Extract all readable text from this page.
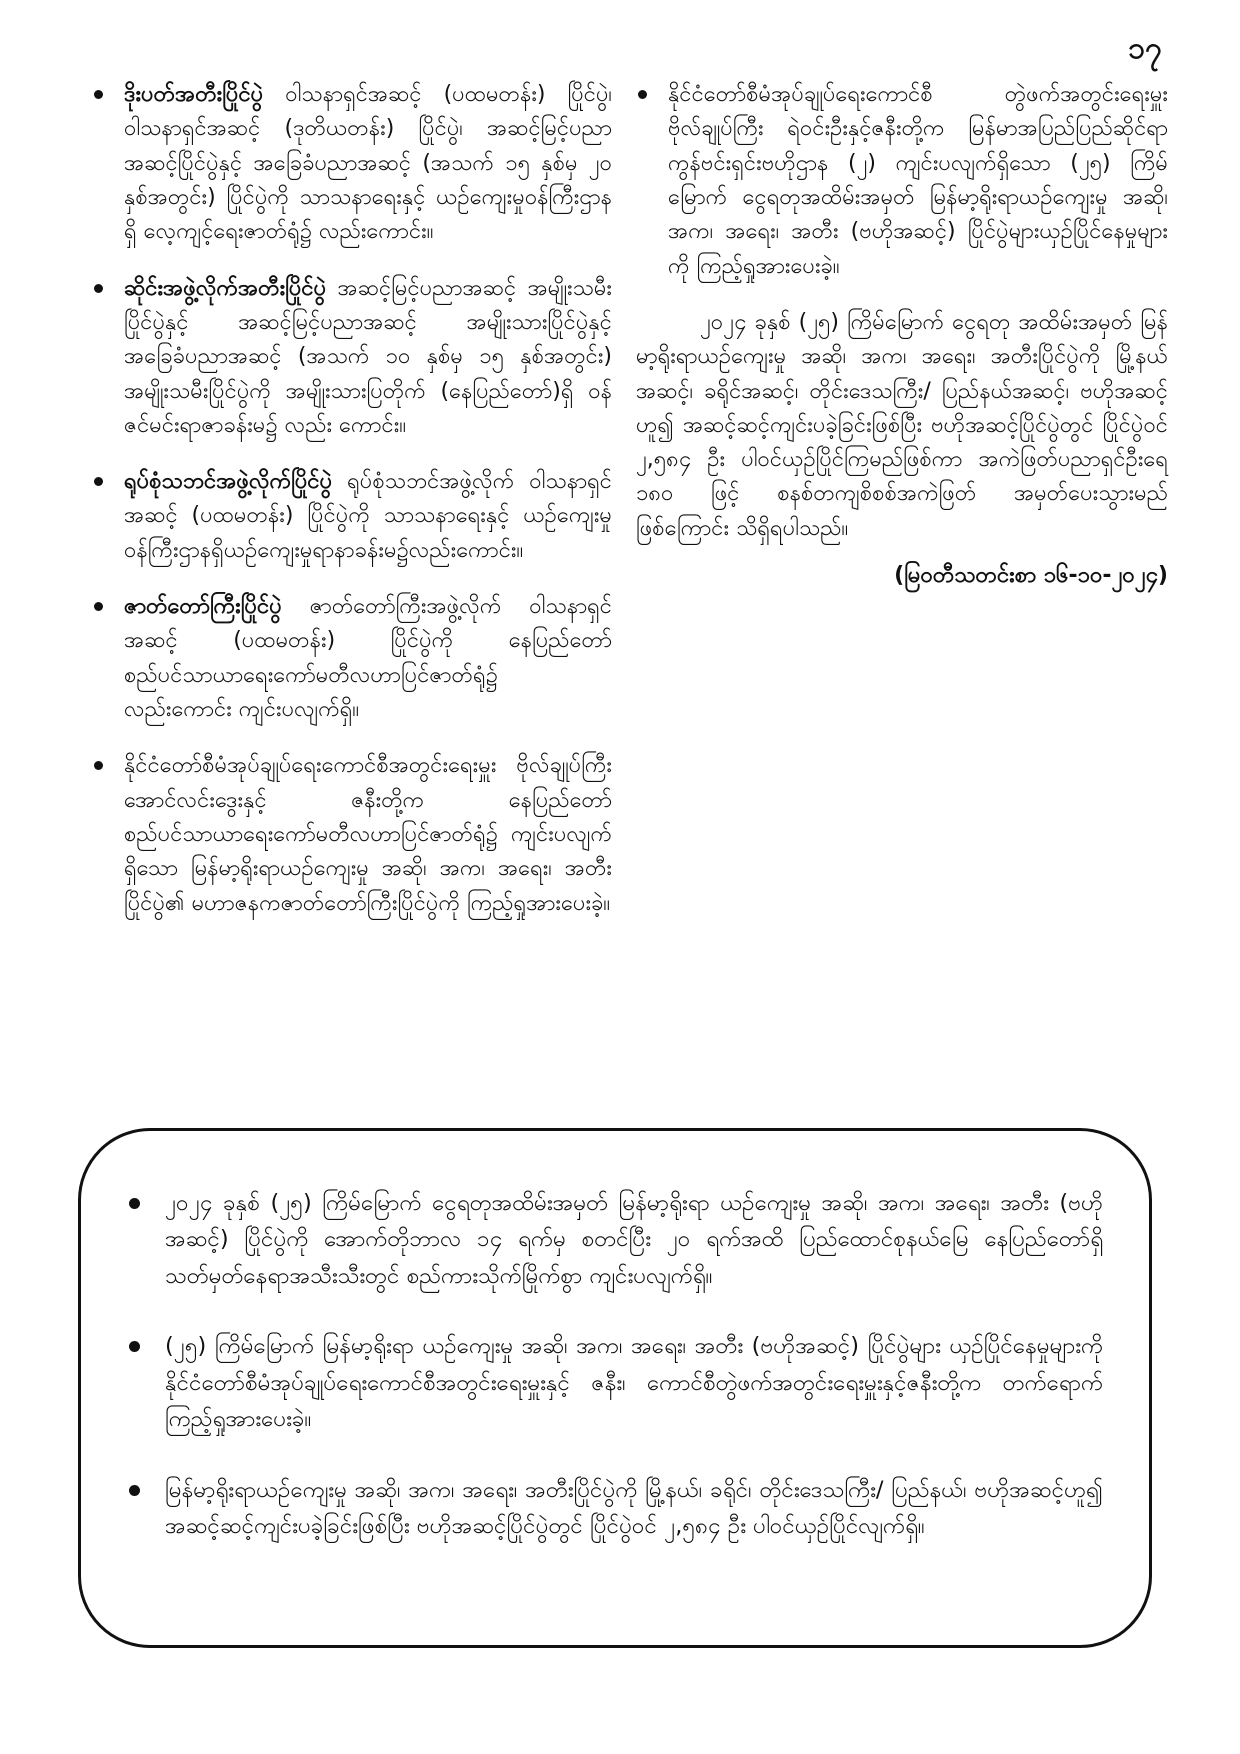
၁၇
ဒိုးပတ်အတီးပြိုင်ပွဲ ဝါသနာရှင်အဆင့် (ပထမတန်း) ပြိုင်ပွဲ၊ ဝါသနာရှင်အဆင့် (ဒုတိယတန်း) ပြိုင်ပွဲ၊ အဆင့်မြင့်ပညာအဆင့်ပြိုင်ပွဲနှင့် အခြေခံပညာအဆင့် (အသက် ၁၅ နှစ်မှ ၂၀ နှစ်အတွင်း) ပြိုင်ပွဲကို သာသနာရေးနှင့် ယဉ်ကျေးမှုဝန်ကြီးဌာနရှိ လေ့ကျင့်ရေးဇာတ်ရုံ၌ လည်းကောင်း။
ဆိုင်းအဖွဲ့လိုက်အတီးပြိုင်ပွဲ အဆင့်မြင့်ပညာအဆင့် အမျိုးသမီးပြိုင်ပွဲနှင့် အဆင့်မြင့်ပညာအဆင့် အမျိုးသားပြိုင်ပွဲနှင့် အခြေခံပညာအဆင့် (အသက် ၁၀ နှစ်မှ ၁၅ နှစ်အတွင်း) အမျိုးသမီးပြိုင်ပွဲကို အမျိုးသားပြတိုက် (နေပြည်တော်)ရှိ ဝန်ဇင်မင်းရာဇာခန်းမ၌ လည်း ကောင်း။
ရုပ်စုံသဘင်အဖွဲ့လိုက်ပြိုင်ပွဲ ရုပ်စုံသဘင်အဖွဲ့လိုက် ဝါသနာရှင်အဆင့် (ပထမတန်း) ပြိုင်ပွဲကို သာသနာရေးနှင့် ယဉ်ကျေးမှုဝန်ကြီးဌာနရှိယဉ်ကျေးမှုရာနာခန်းမ၌လည်းကောင်း။
ဇာတ်တော်ကြီးပြိုင်ပွဲ ဇာတ်တော်ကြီးအဖွဲ့လိုက် ဝါသနာရှင်အဆင့် (ပထမတန်း) ပြိုင်ပွဲကို နေပြည်တော် စည်ပင်သာယာရေးကော်မတီလဟာပြင်ဇာတ်ရုံ၌ လည်းကောင်း ကျင်းပလျက်ရှိ။
နိုင်ငံတော်စီမံအုပ်ချုပ်ရေးကောင်စီအတွင်းရေးမှူး ဗိုလ်ချုပ်ကြီး အောင်လင်းဒွေးနှင့် ဇနီးတို့က နေပြည်တော် စည်ပင်သာယာရေးကော်မတီလဟာပြင်ဇာတ်ရုံ၌ ကျင်းပလျက်ရှိသော မြန်မာ့ရိုးရာယဉ်ကျေးမှု အဆို၊ အက၊ အရေး၊ အတီးပြိုင်ပွဲ၏ မဟာဇနကဇာတ်တော်ကြီးပြိုင်ပွဲကို ကြည့်ရှုအားပေးခဲ့။
နိုင်ငံတော်စီမံအုပ်ချုပ်ရေးကောင်စီ တွဲဖက်အတွင်းရေးမှူး ဗိုလ်ချုပ်ကြီး ရဲဝင်းဦးနှင့်ဇနီးတို့က မြန်မာအပြည်ပြည်ဆိုင်ရာ ကွန်ဗင်းရှင်းဗဟိုဌာန (၂) ကျင်းပလျက်ရှိသော (၂၅) ကြိမ်မြောက် ငွေရတုအထိမ်းအမှတ် မြန်မာ့ရိုးရာယဉ်ကျေးမှု အဆို၊ အက၊ အရေး၊ အတီး (ဗဟိုအဆင့်) ပြိုင်ပွဲများယှဉ်ပြိုင်နေမှုများကို ကြည့်ရှုအားပေးခဲ့။

၂၀၂၄ ခုနှစ် (၂၅) ကြိမ်မြောက် ငွေရတု အထိမ်းအမှတ် မြန်မာ့ရိုးရာယဉ်ကျေးမှု အဆို၊ အက၊ အရေး၊ အတီးပြိုင်ပွဲကို မြို့နယ်အဆင့်၊ ခရိုင်အဆင့်၊ တိုင်းဒေသကြီး/ ပြည်နယ်အဆင့်၊ ဗဟိုအဆင့်ဟူ၍ အဆင့်ဆင့်ကျင်းပခဲ့ခြင်းဖြစ်ပြီး ဗဟိုအဆင့်ပြိုင်ပွဲတွင် ပြိုင်ပွဲဝင် ၂,၅၈၄ ဦး ပါဝင်ယှဉ်ပြိုင်ကြမည်ဖြစ်ကာ အကဲဖြတ်ပညာရှင်ဦးရေ ၁၈၀ ဖြင့် စနစ်တကျစိစစ်အကဲဖြတ် အမှတ်ပေးသွားမည်ဖြစ်ကြောင်း သိရှိရပါသည်။

(မြဝတီသတင်းစာ ၁၆-၁၀-၂၀၂၄)
၂၀၂၄ ခုနှစ် (၂၅) ကြိမ်မြောက် ငွေရတုအထိမ်းအမှတ် မြန်မာ့ရိုးရာ ယဉ်ကျေးမှု အဆို၊ အက၊ အရေး၊ အတီး (ဗဟိုအဆင့်) ပြိုင်ပွဲကို အောက်တိုဘာလ ၁၄ ရက်မှ စတင်ပြီး ၂၀ ရက်အထိ ပြည်ထောင်စုနယ်မြေ နေပြည်တော်ရှိ သတ်မှတ်နေရာအသီးသီးတွင် စည်ကားသိုက်မြိုက်စွာ ကျင်းပလျက်ရှိ။
(၂၅) ကြိမ်မြောက် မြန်မာ့ရိုးရာ ယဉ်ကျေးမှု အဆို၊ အက၊ အရေး၊ အတီး (ဗဟိုအဆင့်) ပြိုင်ပွဲများ ယှဉ်ပြိုင်နေမှုများကို နိုင်ငံတော်စီမံအုပ်ချုပ်ရေးကောင်စီအတွင်းရေးမှူးနှင့် ဇနီး၊ ကောင်စီတွဲဖက်အတွင်းရေးမှူးနှင့်ဇနီးတို့က တက်ရောက်ကြည့်ရှုအားပေးခဲ့။
မြန်မာ့ရိုးရာယဉ်ကျေးမှု အဆို၊ အက၊ အရေး၊ အတီးပြိုင်ပွဲကို မြို့နယ်၊ ခရိုင်၊ တိုင်းဒေသကြီး/ ပြည်နယ်၊ ဗဟိုအဆင့်ဟူ၍ အဆင့်ဆင့်ကျင်းပခဲ့ခြင်းဖြစ်ပြီး ဗဟိုအဆင့်ပြိုင်ပွဲတွင် ပြိုင်ပွဲဝင် ၂,၅၈၄ ဦး ပါဝင်ယှဉ်ပြိုင်လျက်ရှိ။
